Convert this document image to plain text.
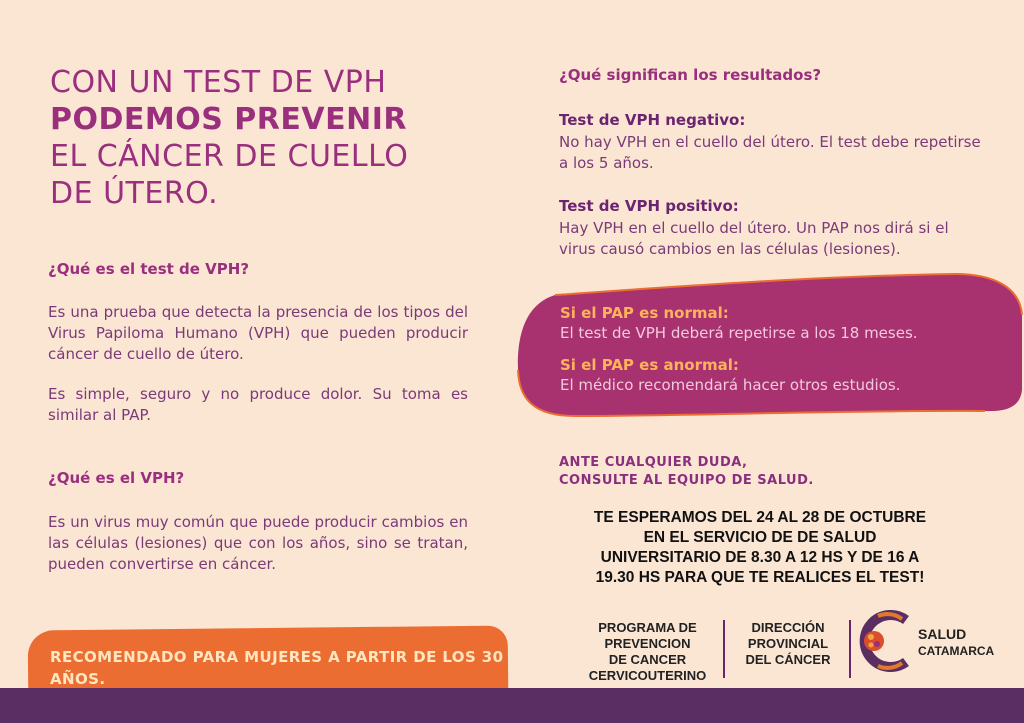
CON UN TEST DE VPH
PODEMOS PREVENIR
EL CÁNCER DE CUELLO
DE ÚTERO.
¿Qué es el test de VPH?
Es una prueba que detecta la presencia de los tipos del Virus Papiloma Humano (VPH) que pueden producir cáncer de cuello de útero.
Es simple, seguro y no produce dolor. Su toma es similar al PAP.
¿Qué es el VPH?
Es un virus muy común que puede producir cambios en las células (lesiones) que con los años, sino se tratan, pueden convertirse en cáncer.
RECOMENDADO PARA MUJERES A PARTIR DE LOS 30 AÑOS.
¿Qué significan los resultados?
Test de VPH negativo:
No hay VPH en el cuello del útero. El test debe repetirse a los 5 años.
Test de VPH positivo:
Hay VPH en el cuello del útero. Un PAP nos dirá si el virus causó cambios en las células (lesiones).
Si el PAP es normal:
El test de VPH deberá repetirse a los 18 meses.
Si el PAP es anormal:
El médico recomendará hacer otros estudios.
ANTE CUALQUIER DUDA,
CONSULTE AL EQUIPO DE SALUD.
TE ESPERAMOS DEL 24 AL 28 DE OCTUBRE
EN EL SERVICIO DE DE SALUD
UNIVERSITARIO DE 8.30 A 12 HS Y DE 16 A
19.30 HS PARA QUE TE REALICES EL TEST!
PROGRAMA DE
PREVENCION
DE CANCER
CERVICOUTERINO
DIRECCIÓN
PROVINCIAL
DEL CÁNCER
SALUD
CATAMARCA
